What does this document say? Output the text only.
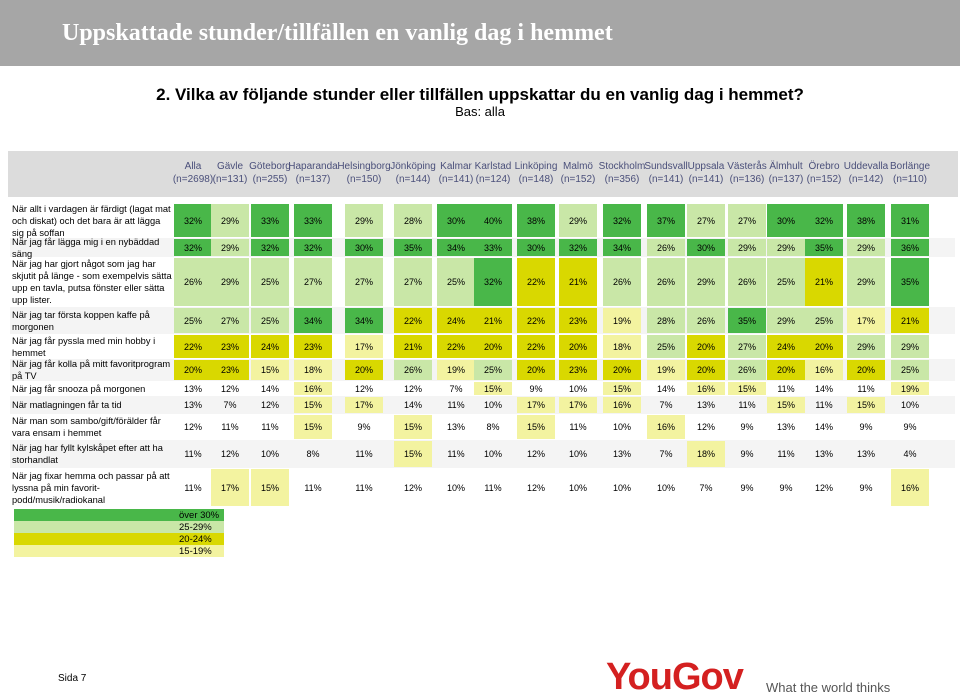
Uppskattade stunder/tillfällen en vanlig dag i hemmet
2. Vilka av följande stunder eller tillfällen uppskattar du en vanlig dag i hemmet?
Bas: alla
Alla
(n=2698)
Gävle
(n=131)
Göteborg
(n=255)
Haparanda
(n=137)
Helsingborg
(n=150)
Jönköping
(n=144)
Kalmar
(n=141)
Karlstad
(n=124)
Linköping
(n=148)
Malmö
(n=152)
Stockholm
(n=356)
Sundsvall
(n=141)
Uppsala
(n=141)
Västerås
(n=136)
Älmhult
(n=137)
Örebro
(n=152)
Uddevalla
(n=142)
Borlänge
(n=110)
När allt i vardagen är färdigt (lagat mat och diskat) och det bara är att lägga sig på soffan
32%	29%	33%	33%	29%	28%	30%	40%	38%	29%	32%	37%	27%	27%	30%	32%	38%	31%
När jag får lägga mig i en nybäddad säng
32%	29%	32%	32%	30%	35%	34%	33%	30%	32%	34%	26%	30%	29%	29%	35%	29%	36%
När jag har gjort något som jag har skjutit på länge - som exempelvis sätta upp en tavla, putsa fönster eller sätta upp lister.
26%	29%	25%	27%	27%	27%	25%	32%	22%	21%	26%	26%	29%	26%	25%	21%	29%	35%
När jag tar första koppen kaffe på morgonen
25%	27%	25%	34%	34%	22%	24%	21%	22%	23%	19%	28%	26%	35%	29%	25%	17%	21%
När jag får pyssla med min hobby i hemmet
22%	23%	24%	23%	17%	21%	22%	20%	22%	20%	18%	25%	20%	27%	24%	20%	29%	29%
När jag får kolla på mitt favoritprogram på TV
20%	23%	15%	18%	20%	26%	19%	25%	20%	23%	20%	19%	20%	26%	20%	16%	20%	25%
När jag får snooza på morgonen	13%	12%	14%	16%	12%	12%	7%	15%	9%	10%	15%	14%	16%	15%	11%	14%	11%	19%
När matlagningen får ta tid	13%	7%	12%	15%	17%	14%	11%	10%	17%	17%	16%	7%	13%	11%	15%	11%	15%	10%
När man som sambo/gift/förälder får vara ensam i hemmet
12%	11%	11%	15%	9%	15%	13%	8%	15%	11%	10%	16%	12%	9%	13%	14%	9%	9%
När jag har fyllt kylskåpet efter att ha storhandlat
11%	12%	10%	8%	11%	15%	11%	10%	12%	10%	13%	7%	18%	9%	11%	13%	13%	4%
När jag fixar hemma och passar på att lyssna på min favorit-podd/musik/radiokanal
11%	17%	15%	11%	11%	12%	10%	11%	12%	10%	10%	10%	7%	9%	9%	12%	9%	16%
över 30%
25-29%
20-24%
15-19%
Sida 7	YouGov What the world thinks
